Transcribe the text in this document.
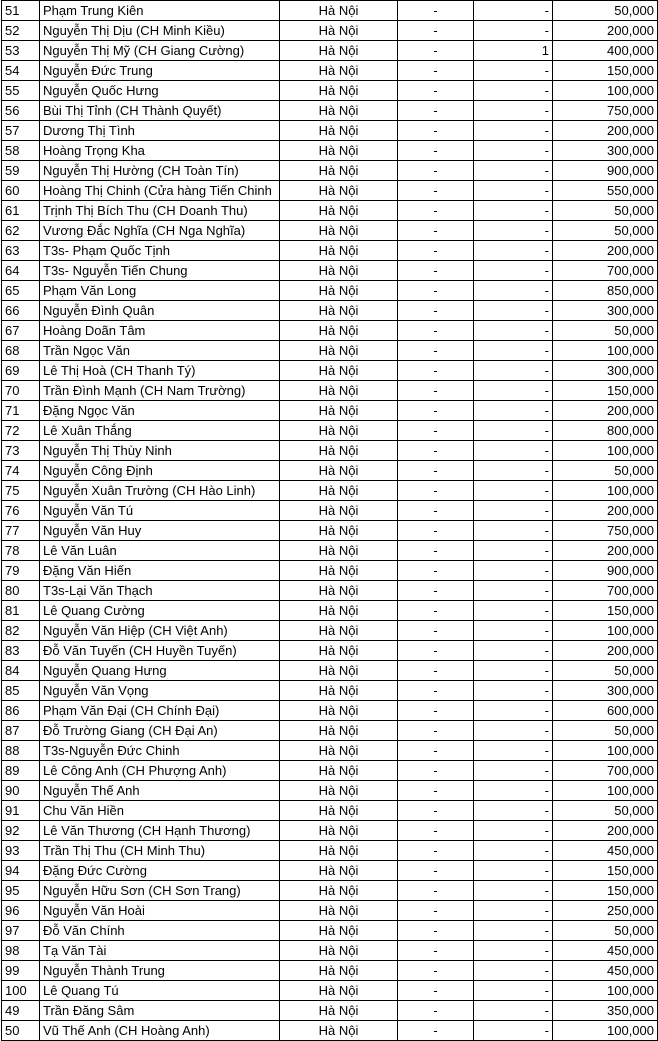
51	Phạm Trung Kiên	Hà Nội	-	-	50,000
52	Nguyễn Thị Dịu (CH Minh Kiều)	Hà Nội	-	-	200,000
53	Nguyễn Thị Mỹ (CH Giang Cường)	Hà Nội	-	1	400,000
54	Nguyễn Đức Trung	Hà Nội	-	-	150,000
55	Nguyễn Quốc Hưng	Hà Nội	-	-	100,000
56	Bùi Thị Tỉnh (CH Thành Quyết)	Hà Nội	-	-	750,000
57	Dương Thị Tình	Hà Nội	-	-	200,000
58	Hoàng Trọng Kha	Hà Nội	-	-	300,000
59	Nguyễn Thị Hường (CH Toàn Tín)	Hà Nội	-	-	900,000
60	Hoàng Thị Chinh (Cửa hàng Tiến Chinh	Hà Nội	-	-	550,000
61	Trịnh Thị Bích Thu (CH Doanh Thu)	Hà Nội	-	-	50,000
62	Vương Đắc Nghĩa (CH Nga Nghĩa)	Hà Nội	-	-	50,000
63	T3s- Phạm Quốc Tịnh	Hà Nội	-	-	200,000
64	T3s- Nguyễn Tiến Chung	Hà Nội	-	-	700,000
65	Phạm Văn Long	Hà Nội	-	-	850,000
66	Nguyễn Đình Quân	Hà Nội	-	-	300,000
67	Hoàng Doãn Tâm	Hà Nội	-	-	50,000
68	Trần Ngọc Văn	Hà Nội	-	-	100,000
69	Lê Thị Hoà (CH Thanh Tý)	Hà Nội	-	-	300,000
70	Trần Đình Mạnh (CH Nam Trường)	Hà Nội	-	-	150,000
71	Đặng Ngọc Văn	Hà Nội	-	-	200,000
72	Lê Xuân Thắng	Hà Nội	-	-	800,000
73	Nguyễn Thị Thùy Ninh	Hà Nội	-	-	100,000
74	Nguyễn Công Định	Hà Nội	-	-	50,000
75	Nguyễn Xuân Trường (CH Hào Linh)	Hà Nội	-	-	100,000
76	Nguyễn Văn Tú	Hà Nội	-	-	200,000
77	Nguyễn Văn Huy	Hà Nội	-	-	750,000
78	Lê Văn Luân	Hà Nội	-	-	200,000
79	Đặng Văn Hiến	Hà Nội	-	-	900,000
80	T3s-Lại Văn Thạch	Hà Nội	-	-	700,000
81	Lê Quang Cường	Hà Nội	-	-	150,000
82	Nguyễn Văn Hiệp (CH Việt Anh)	Hà Nội	-	-	100,000
83	Đỗ Văn Tuyến (CH Huyền Tuyến)	Hà Nội	-	-	200,000
84	Nguyễn Quang Hưng	Hà Nội	-	-	50,000
85	Nguyễn Văn Vọng	Hà Nội	-	-	300,000
86	Phạm Văn Đại (CH Chính Đại)	Hà Nội	-	-	600,000
87	Đỗ Trường Giang (CH Đại An)	Hà Nội	-	-	50,000
88	T3s-Nguyễn Đức Chinh	Hà Nội	-	-	100,000
89	Lê Công Anh (CH Phượng Anh)	Hà Nội	-	-	700,000
90	Nguyễn Thế Anh	Hà Nội	-	-	100,000
91	Chu Văn Hiền	Hà Nội	-	-	50,000
92	Lê Văn Thương (CH Hạnh Thương)	Hà Nội	-	-	200,000
93	Trần Thị Thu (CH Minh Thu)	Hà Nội	-	-	450,000
94	Đặng Đức Cường	Hà Nội	-	-	150,000
95	Nguyễn Hữu Sơn (CH Sơn Trang)	Hà Nội	-	-	150,000
96	Nguyễn Văn Hoài	Hà Nội	-	-	250,000
97	Đỗ Văn Chính	Hà Nội	-	-	50,000
98	Tạ Văn Tài	Hà Nội	-	-	450,000
99	Nguyễn Thành Trung	Hà Nội	-	-	450,000
100	Lê Quang Tú	Hà Nội	-	-	100,000
49	Trần Đăng Sâm	Hà Nội	-	-	350,000
50	Vũ Thế Anh (CH Hoàng Anh)	Hà Nội	-	-	100,000
